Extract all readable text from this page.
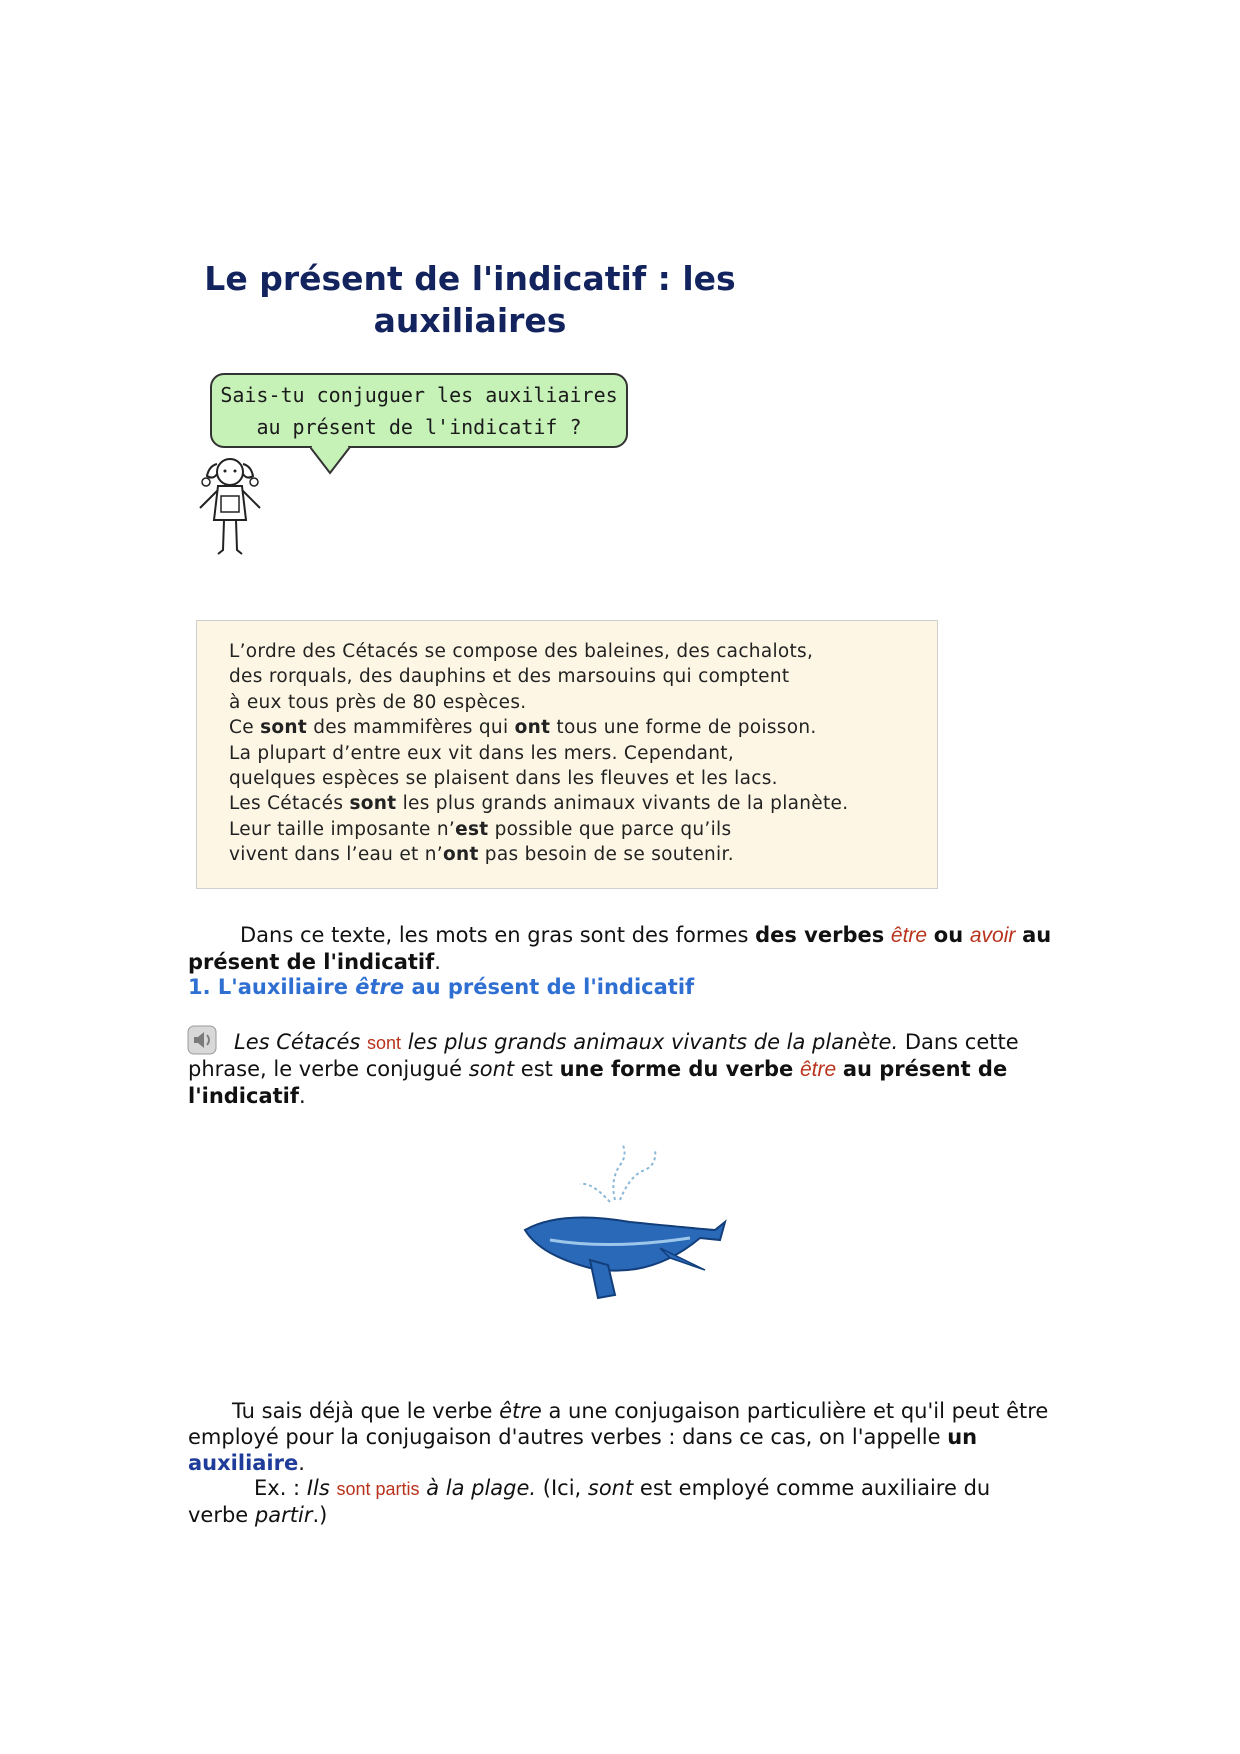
Le présent de l'indicatif : les
auxiliaires
Sais-tu conjuguer les auxiliaires
au présent de l'indicatif ?
L’ordre des Cétacés se compose des baleines, des cachalots,
des rorquals, des dauphins et des marsouins qui comptent
à eux tous près de 80 espèces.
Ce sont des mammifères qui ont tous une forme de poisson.
La plupart d’entre eux vit dans les mers. Cependant,
quelques espèces se plaisent dans les fleuves et les lacs.
Les Cétacés sont les plus grands animaux vivants de la planète.
Leur taille imposante n’est possible que parce qu’ils
vivent dans l’eau et n’ont pas besoin de se soutenir.

Dans ce texte, les mots en gras sont des formes des verbes être ou avoir au
présent de l'indicatif.

1. L'auxiliaire être au présent de l'indicatif

Les Cétacés sont les plus grands animaux vivants de la planète. Dans cette
phrase, le verbe conjugué sont est une forme du verbe être au présent de
l'indicatif.

Tu sais déjà que le verbe être a une conjugaison particulière et qu'il peut être
employé pour la conjugaison d'autres verbes : dans ce cas, on l'appelle un
auxiliaire.

Ex. : Ils sont partis à la plage. (Ici, sont est employé comme auxiliaire du
verbe partir.)
